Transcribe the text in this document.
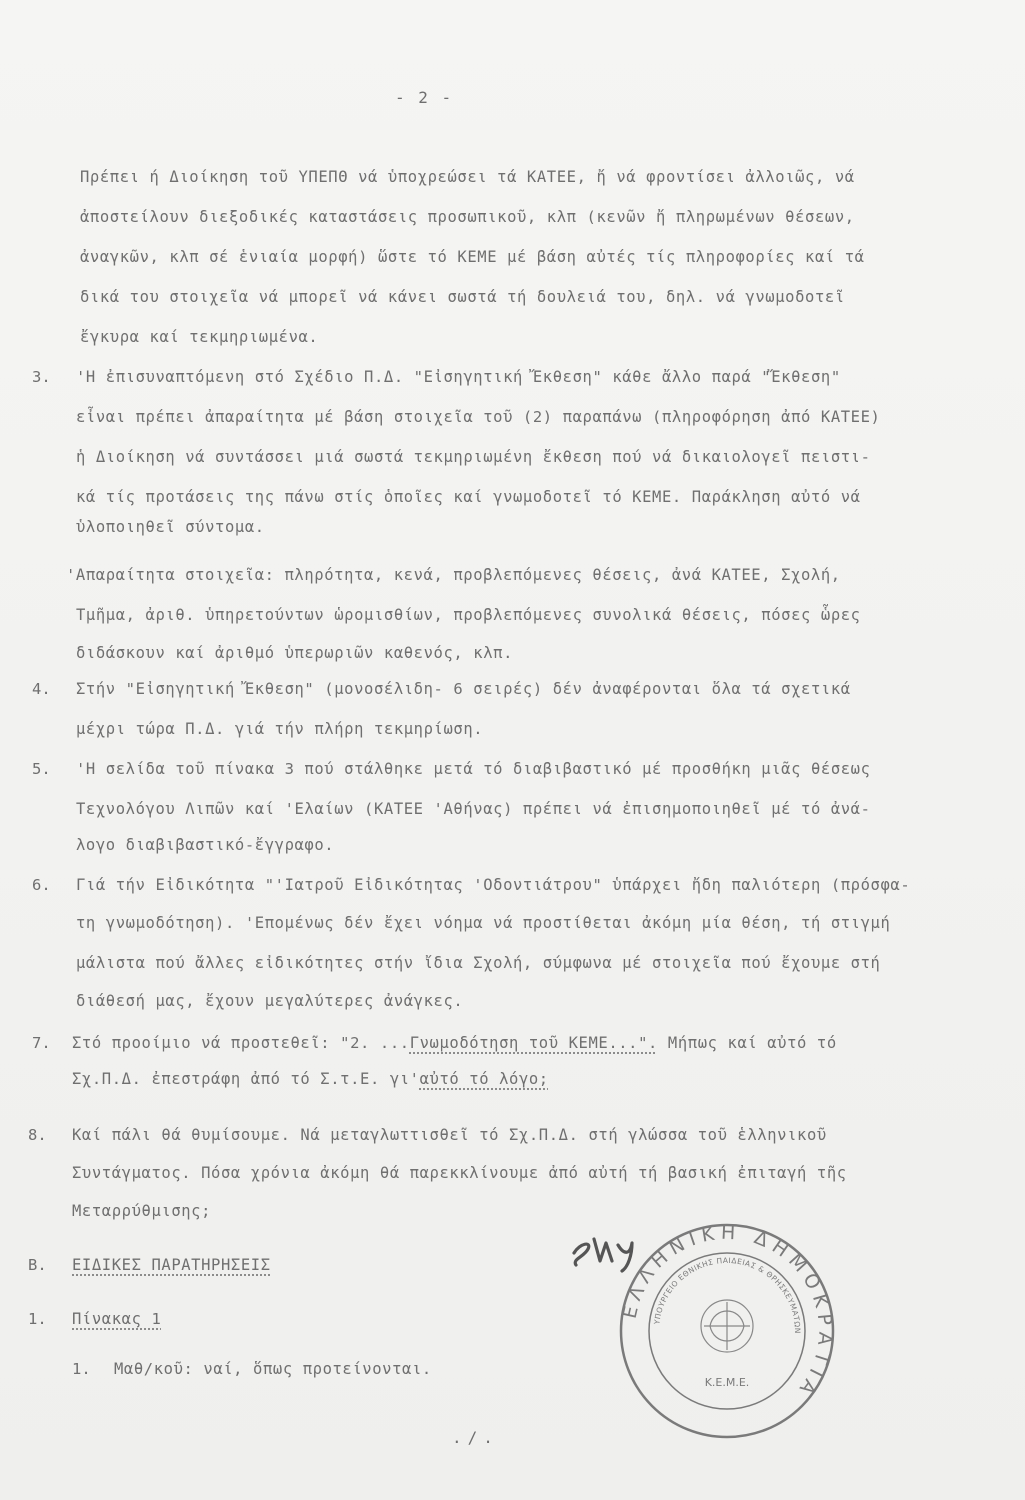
- 2 -
Πρέπει ή Διοίκηση τοῦ ΥΠΕΠΘ νά ὑποχρεώσει τά ΚΑΤΕΕ, ἤ νά φροντίσει ἀλλοιῶς, νά
ἀποστείλουν διεξοδικές καταστάσεις προσωπικοῦ, κλπ (κενῶν ἤ πληρωμένων θέσεων,
ἀναγκῶν, κλπ σέ ἑνιαία μορφή) ὥστε τό ΚΕΜΕ μέ βάση αὐτές τίς πληροφορίες καί τά
δικά του στοιχεῖα νά μπορεῖ νά κάνει σωστά τή δουλειά του, δηλ. νά γνωμοδοτεῖ
ἔγκυρα καί τεκμηριωμένα.
3. 'Η ἐπισυναπτόμενη στό Σχέδιο Π.Δ. "Εἰσηγητική Ἔκθεση" κάθε ἄλλο παρά "Ἔκθεση"
εἶναι πρέπει ἀπαραίτητα μέ βάση στοιχεῖα τοῦ (2) παραπάνω (πληροφόρηση ἀπό ΚΑΤΕΕ)
ἡ Διοίκηση νά συντάσσει μιά σωστά τεκμηριωμένη ἔκθεση πού νά δικαιολογεῖ πειστι-
κά τίς προτάσεις της πάνω στίς ὁποῖες καί γνωμοδοτεῖ τό ΚΕΜΕ. Παράκληση αὐτό νά
ὑλοποιηθεῖ σύντομα.
'Απαραίτητα στοιχεῖα: πληρότητα, κενά, προβλεπόμενες θέσεις, ἀνά ΚΑΤΕΕ, Σχολή,
Τμῆμα, ἀριθ. ὑπηρετούντων ὡρομισθίων, προβλεπόμενες συνολικά θέσεις, πόσες ὧρες
διδάσκουν καί ἀριθμό ὑπερωριῶν καθενός, κλπ.
4. Στήν "Εἰσηγητική Ἔκθεση" (μονοσέλιδη- 6 σειρές) δέν ἀναφέρονται ὅλα τά σχετικά
μέχρι τώρα Π.Δ. γιά τήν πλήρη τεκμηρίωση.
5. 'Η σελίδα τοῦ πίνακα 3 πού στάλθηκε μετά τό διαβιβαστικό μέ προσθήκη μιᾶς θέσεως
Τεχνολόγου Λιπῶν καί 'Ελαίων (ΚΑΤΕΕ 'Αθήνας) πρέπει νά ἐπισημοποιηθεῖ μέ τό ἀνά-
λογο διαβιβαστικό-ἔγγραφο.
6. Γιά τήν Εἰδικότητα "'Ιατροῦ Εἰδικότητας 'Οδοντιάτρου" ὑπάρχει ἤδη παλιότερη (πρόσφα-
τη γνωμοδότηση). 'Επομένως δέν ἔχει νόημα νά προστίθεται ἀκόμη μία θέση, τή στιγμή
μάλιστα πού ἄλλες εἰδικότητες στήν ἴδια Σχολή, σύμφωνα μέ στοιχεῖα πού ἔχουμε στή
διάθεσή μας, ἔχουν μεγαλύτερες ἀνάγκες.
7. Στό προοίμιο νά προστεθεῖ: "2. ...Γνωμοδότηση τοῦ ΚΕΜΕ...". Μήπως καί αὐτό τό
Σχ.Π.Δ. ἐπεστράφη ἀπό τό Σ.τ.Ε. γι'αὐτό τό λόγο;
8. Καί πάλι θά θυμίσουμε. Νά μεταγλωττισθεῖ τό Σχ.Π.Δ. στή γλώσσα τοῦ ἑλληνικοῦ
Συντάγματος. Πόσα χρόνια ἀκόμη θά παρεκκλίνουμε ἀπό αὐτή τή βασική ἐπιταγή τῆς
Μεταρρύθμισης;
B. ΕΙΔΙΚΕΣ ΠΑΡΑΤΗΡΗΣΕΙΣ
1. Πίνακας 1
1. Μαθ/κοῦ: ναί, ὅπως προτείνονται.
ΕΛΛΗΝΙΚΗ ΔΗΜΟΚΡΑΤΙΑ
ΥΠΟΥΡΓΕΙΟ ΕΘΝΙΚΗΣ ΠΑΙΔΕΙΑΣ & ΘΡΗΣΚΕΥΜΑΤΩΝ
Κ.Ε.Μ.Ε.
./.
